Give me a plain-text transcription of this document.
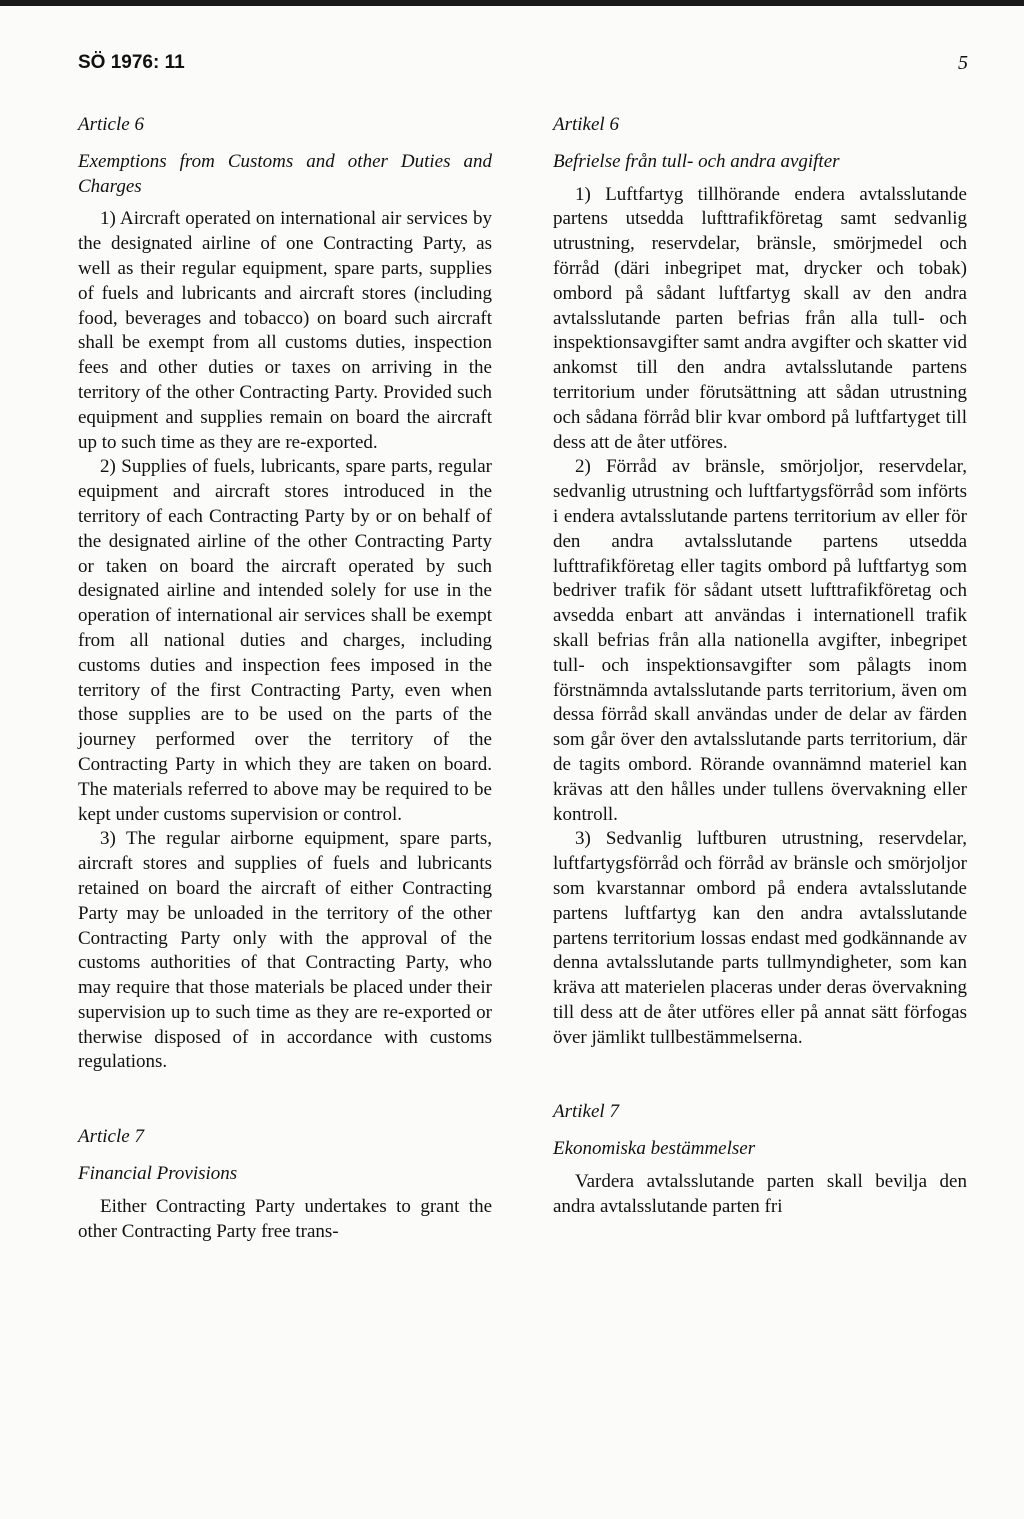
SÖ 1976: 11	5

Article 6

Exemptions from Customs and other Duties and Charges

1) Aircraft operated on international air services by the designated airline of one Contracting Party, as well as their regular equipment, spare parts, supplies of fuels and lubricants and aircraft stores (including food, beverages and tobacco) on board such aircraft shall be exempt from all customs duties, inspection fees and other duties or taxes on arriving in the territory of the other Contracting Party. Provided such equipment and supplies remain on board the aircraft up to such time as they are re-exported.

2) Supplies of fuels, lubricants, spare parts, regular equipment and aircraft stores introduced in the territory of each Contracting Party by or on behalf of the designated airline of the other Contracting Party or taken on board the aircraft operated by such designated airline and intended solely for use in the operation of international air services shall be exempt from all national duties and charges, including customs duties and inspection fees imposed in the territory of the first Contracting Party, even when those supplies are to be used on the parts of the journey performed over the territory of the Contracting Party in which they are taken on board. The materials referred to above may be required to be kept under customs supervision or control.

3) The regular airborne equipment, spare parts, aircraft stores and supplies of fuels and lubricants retained on board the aircraft of either Contracting Party may be unloaded in the territory of the other Contracting Party only with the approval of the customs authorities of that Contracting Party, who may require that those materials be placed under their supervision up to such time as they are re-exported or therwise disposed of in accordance with customs regulations.

Article 7

Financial Provisions

Either Contracting Party undertakes to grant the other Contracting Party free trans-

Artikel 6

Befrielse från tull- och andra avgifter

1) Luftfartyg tillhörande endera avtalsslutande partens utsedda lufttrafikföretag samt sedvanlig utrustning, reservdelar, bränsle, smörjmedel och förråd (däri inbegripet mat, drycker och tobak) ombord på sådant luftfartyg skall av den andra avtalsslutande parten befrias från alla tull- och inspektionsavgifter samt andra avgifter och skatter vid ankomst till den andra avtalsslutande partens territorium under förutsättning att sådan utrustning och sådana förråd blir kvar ombord på luftfartyget till dess att de åter utföres.

2) Förråd av bränsle, smörjoljor, reservdelar, sedvanlig utrustning och luftfartygsförråd som införts i endera avtalsslutande partens territorium av eller för den andra avtalsslutande partens utsedda lufttrafikföretag eller tagits ombord på luftfartyg som bedriver trafik för sådant utsett lufttrafikföretag och avsedda enbart att användas i internationell trafik skall befrias från alla nationella avgifter, inbegripet tull- och inspektionsavgifter som pålagts inom förstnämnda avtalsslutande parts territorium, även om dessa förråd skall användas under de delar av färden som går över den avtalsslutande parts territorium, där de tagits ombord. Rörande ovannämnd materiel kan krävas att den hålles under tullens övervakning eller kontroll.

3) Sedvanlig luftburen utrustning, reservdelar, luftfartygsförråd och förråd av bränsle och smörjoljor som kvarstannar ombord på endera avtalsslutande partens luftfartyg kan den andra avtalsslutande partens territorium lossas endast med godkännande av denna avtalsslutande parts tullmyndigheter, som kan kräva att materielen placeras under deras övervakning till dess att de åter utföres eller på annat sätt förfogas över jämlikt tullbestämmelserna.

Artikel 7

Ekonomiska bestämmelser

Vardera avtalsslutande parten skall bevilja den andra avtalsslutande parten fri
